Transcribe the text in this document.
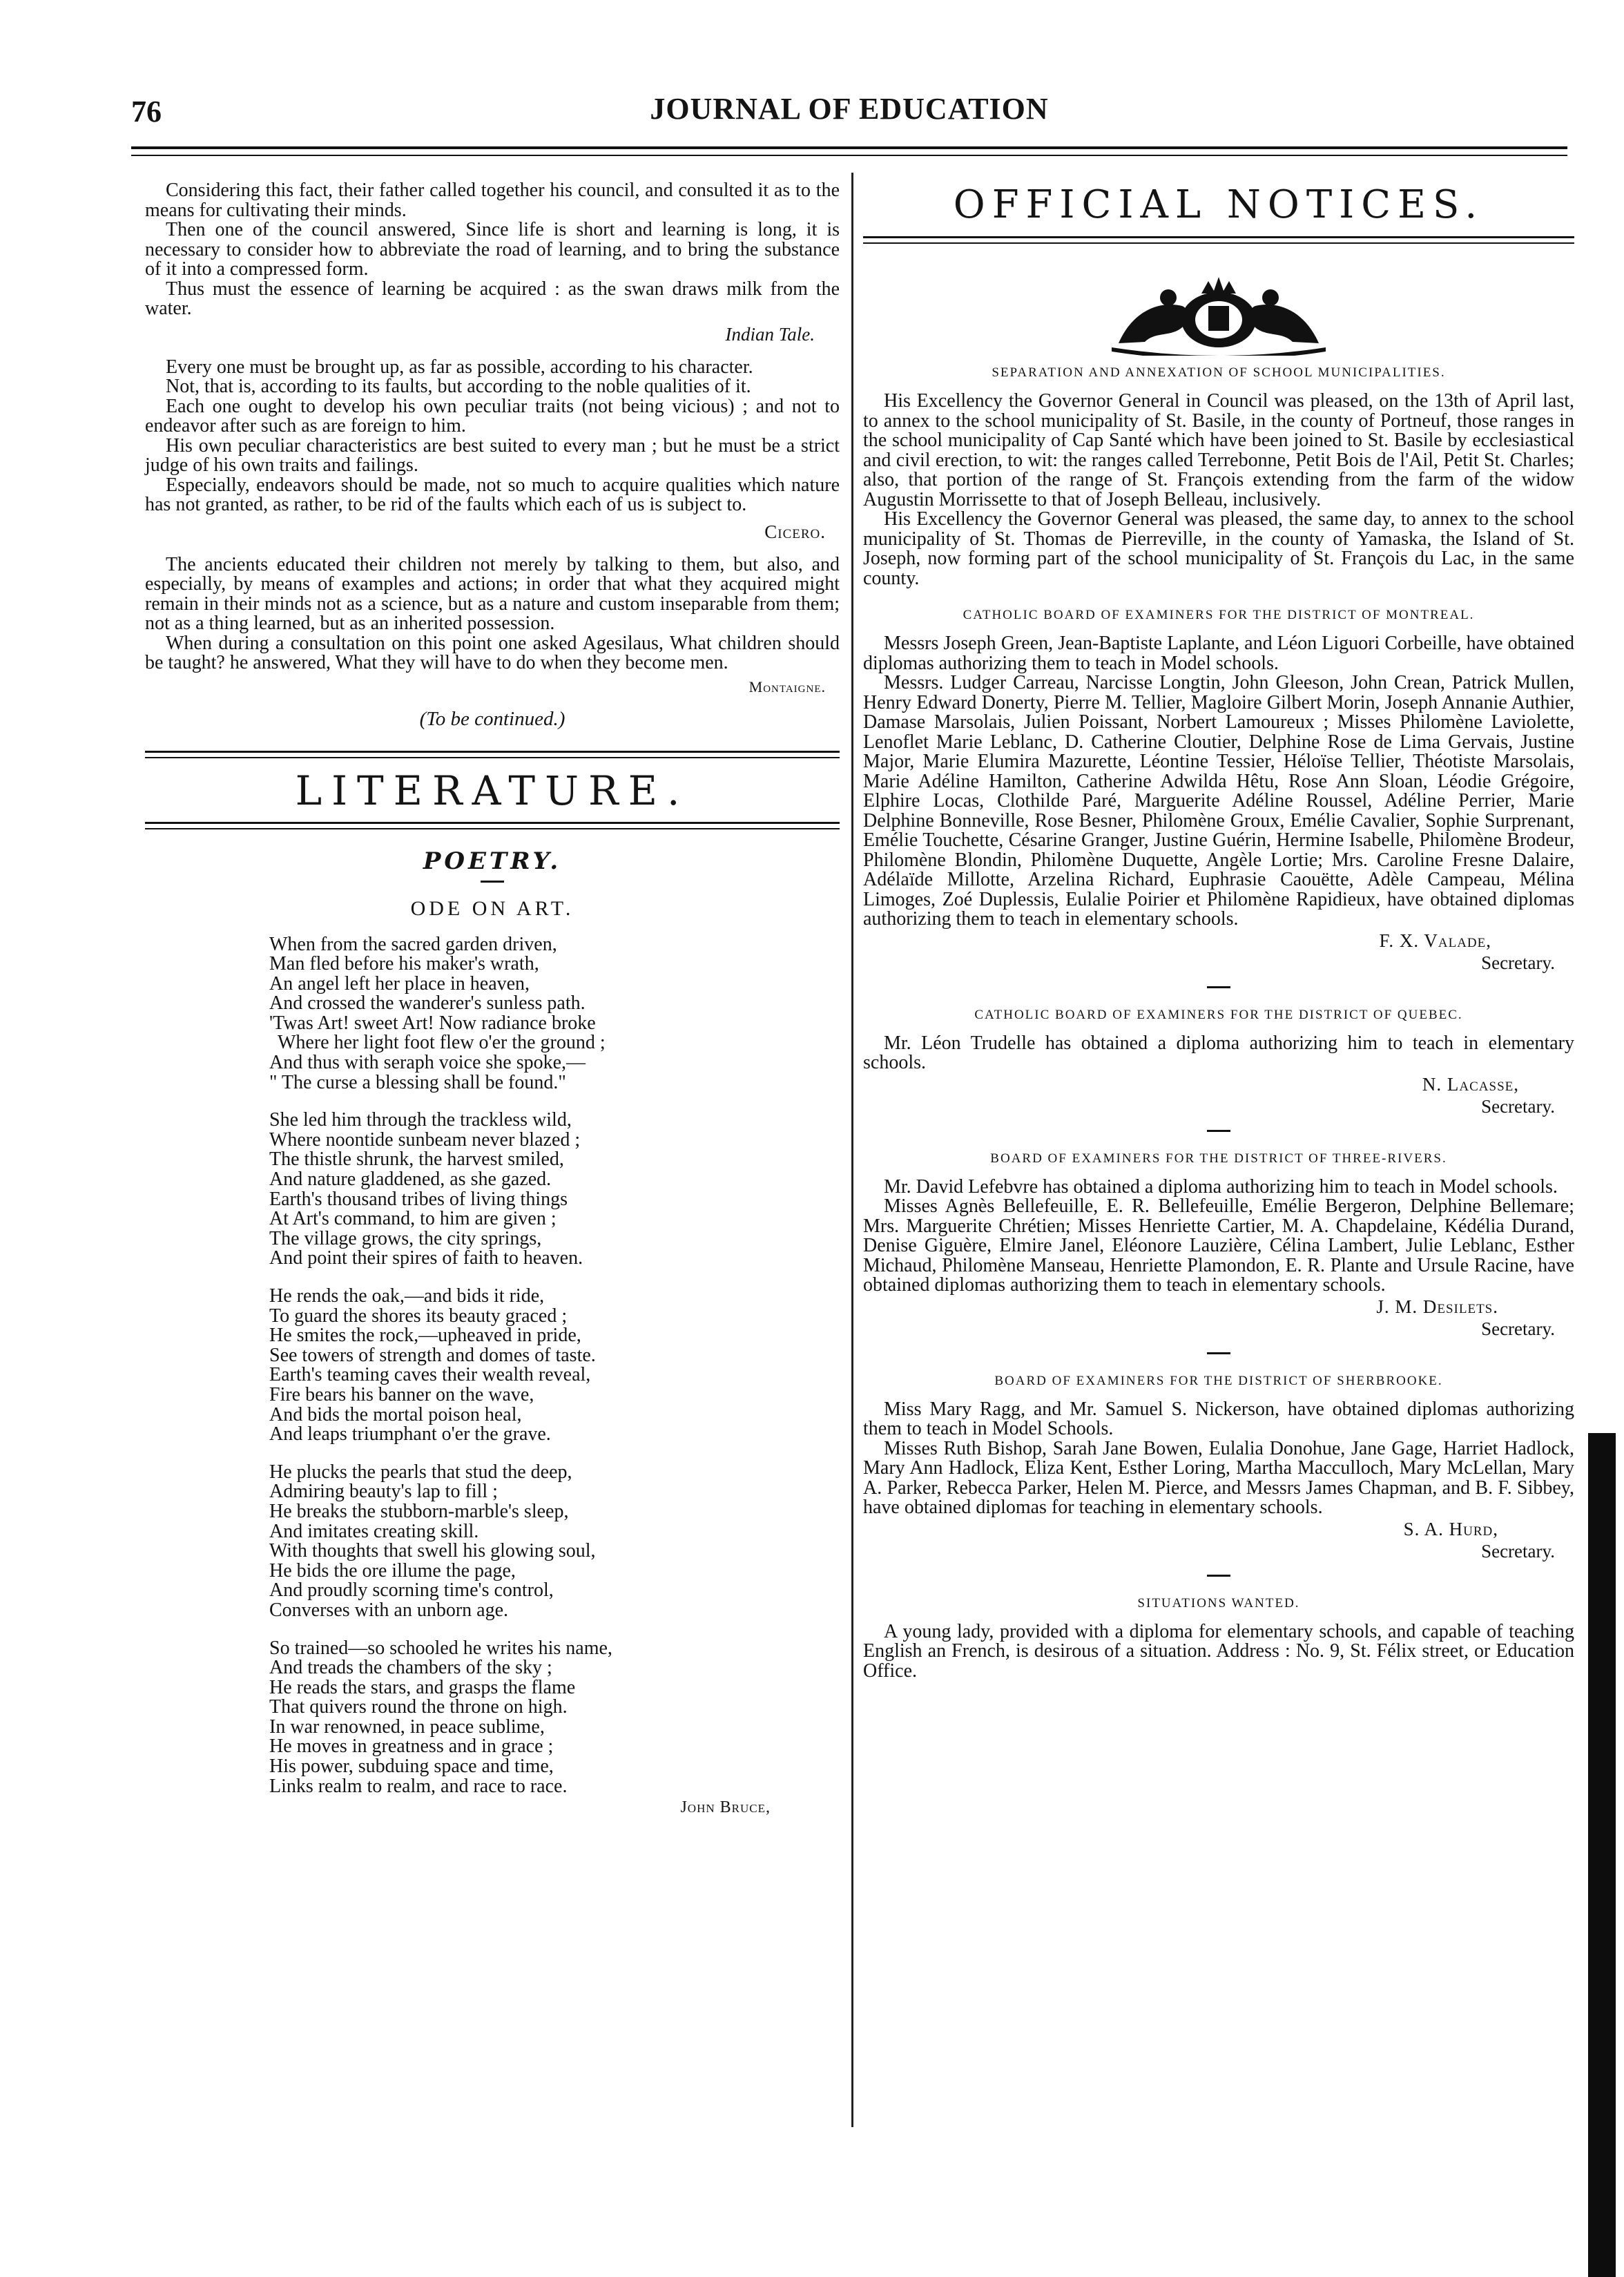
76	JOURNAL OF EDUCATION

Considering this fact, their father called together his council, and consulted it as to the means for cultivating their minds.

Then one of the council answered, Since life is short and learning is long, it is necessary to consider how to abbreviate the road of learning, and to bring the substance of it into a compressed form.

Thus must the essence of learning be acquired : as the swan draws milk from the water.

Indian Tale.

Every one must be brought up, as far as possible, according to his character.

Not, that is, according to its faults, but according to the noble qualities of it.

Each one ought to develop his own peculiar traits (not being vicious) ; and not to endeavor after such as are foreign to him.

His own peculiar characteristics are best suited to every man ; but he must be a strict judge of his own traits and failings.

Especially, endeavors should be made, not so much to acquire qualities which nature has not granted, as rather, to be rid of the faults which each of us is subject to.

Cicero.

The ancients educated their children not merely by talking to them, but also, and especially, by means of examples and actions; in order that what they acquired might remain in their minds not as a science, but as a nature and custom inseparable from them; not as a thing learned, but as an inherited possession.

When during a consultation on this point one asked Agesilaus, What children should be taught? he answered, What they will have to do when they become men.

Montaigne.
(To be continued.)
LITERATURE.
POETRY.
ODE ON ART.
When from the sacred garden driven,
Man fled before his maker's wrath,
An angel left her place in heaven,
And crossed the wanderer's sunless path.
'Twas Art! sweet Art! Now radiance broke
Where her light foot flew o'er the ground ;
And thus with seraph voice she spoke,—
" The curse a blessing shall be found."
She led him through the trackless wild,
Where noontide sunbeam never blazed ;
The thistle shrunk, the harvest smiled,
And nature gladdened, as she gazed.
Earth's thousand tribes of living things
At Art's command, to him are given ;
The village grows, the city springs,
And point their spires of faith to heaven.
He rends the oak,—and bids it ride,
To guard the shores its beauty graced ;
He smites the rock,—upheaved in pride,
See towers of strength and domes of taste.
Earth's teaming caves their wealth reveal,
Fire bears his banner on the wave,
And bids the mortal poison heal,
And leaps triumphant o'er the grave.
He plucks the pearls that stud the deep,
Admiring beauty's lap to fill ;
He breaks the stubborn-marble's sleep,
And imitates creating skill.
With thoughts that swell his glowing soul,
He bids the ore illume the page,
And proudly scorning time's control,
Converses with an unborn age.
So trained—so schooled he writes his name,
And treads the chambers of the sky ;
He reads the stars, and grasps the flame
That quivers round the throne on high.
In war renowned, in peace sublime,
He moves in greatness and in grace ;
His power, subduing space and time,
Links realm to realm, and race to race.
John Bruce,
OFFICIAL NOTICES.
SEPARATION AND ANNEXATION OF SCHOOL MUNICIPALITIES.

His Excellency the Governor General in Council was pleased, on the 13th of April last, to annex to the school municipality of St. Basile, in the county of Portneuf, those ranges in the school municipality of Cap Santé which have been joined to St. Basile by ecclesiastical and civil erection, to wit: the ranges called Terrebonne, Petit Bois de l'Ail, Petit St. Charles; also, that portion of the range of St. François extending from the farm of the widow Augustin Morrissette to that of Joseph Belleau, inclusively.

His Excellency the Governor General was pleased, the same day, to annex to the school municipality of St. Thomas de Pierreville, in the county of Yamaska, the Island of St. Joseph, now forming part of the school municipality of St. François du Lac, in the same county.

CATHOLIC BOARD OF EXAMINERS FOR THE DISTRICT OF MONTREAL.

Messrs Joseph Green, Jean-Baptiste Laplante, and Léon Liguori Corbeille, have obtained diplomas authorizing them to teach in Model schools.

Messrs. Ludger Carreau, Narcisse Longtin, John Gleeson, John Crean, Patrick Mullen, Henry Edward Donerty, Pierre M. Tellier, Magloire Gilbert Morin, Joseph Annanie Authier, Damase Marsolais, Julien Poissant, Norbert Lamoureux ; Misses Philomène Laviolette, Lenoflet Marie Leblanc, D. Catherine Cloutier, Delphine Rose de Lima Gervais, Justine Major, Marie Elumira Mazurette, Léontine Tessier, Héloïse Tellier, Théotiste Marsolais, Marie Adéline Hamilton, Catherine Adwilda Hêtu, Rose Ann Sloan, Léodie Grégoire, Elphire Locas, Clothilde Paré, Marguerite Adéline Roussel, Adéline Perrier, Marie Delphine Bonneville, Rose Besner, Philomène Groux, Emélie Cavalier, Sophie Surprenant, Emélie Touchette, Césarine Granger, Justine Guérin, Hermine Isabelle, Philomène Brodeur, Philomène Blondin, Philomène Duquette, Angèle Lortie; Mrs. Caroline Fresne Dalaire, Adélaïde Millotte, Arzelina Richard, Euphrasie Caouëtte, Adèle Campeau, Mélina Limoges, Zoé Duplessis, Eulalie Poirier et Philomène Rapidieux, have obtained diplomas authorizing them to teach in elementary schools.

F. X. Valade,
Secretary.
CATHOLIC BOARD OF EXAMINERS FOR THE DISTRICT OF QUEBEC.

Mr. Léon Trudelle has obtained a diploma authorizing him to teach in elementary schools.

N. Lacasse,
Secretary.
BOARD OF EXAMINERS FOR THE DISTRICT OF THREE-RIVERS.

Mr. David Lefebvre has obtained a diploma authorizing him to teach in Model schools.

Misses Agnès Bellefeuille, E. R. Bellefeuille, Emélie Bergeron, Delphine Bellemare; Mrs. Marguerite Chrétien; Misses Henriette Cartier, M. A. Chapdelaine, Kédélia Durand, Denise Giguère, Elmire Janel, Eléonore Lauzière, Célina Lambert, Julie Leblanc, Esther Michaud, Philomène Manseau, Henriette Plamondon, E. R. Plante and Ursule Racine, have obtained diplomas authorizing them to teach in elementary schools.

J. M. Desilets.
Secretary.
BOARD OF EXAMINERS FOR THE DISTRICT OF SHERBROOKE.

Miss Mary Ragg, and Mr. Samuel S. Nickerson, have obtained diplomas authorizing them to teach in Model Schools.

Misses Ruth Bishop, Sarah Jane Bowen, Eulalia Donohue, Jane Gage, Harriet Hadlock, Mary Ann Hadlock, Eliza Kent, Esther Loring, Martha Macculloch, Mary McLellan, Mary A. Parker, Rebecca Parker, Helen M. Pierce, and Messrs James Chapman, and B. F. Sibbey, have obtained diplomas for teaching in elementary schools.

S. A. Hurd,
Secretary.
SITUATIONS WANTED.

A young lady, provided with a diploma for elementary schools, and capable of teaching English an French, is desirous of a situation. Address : No. 9, St. Félix street, or Education Office.
